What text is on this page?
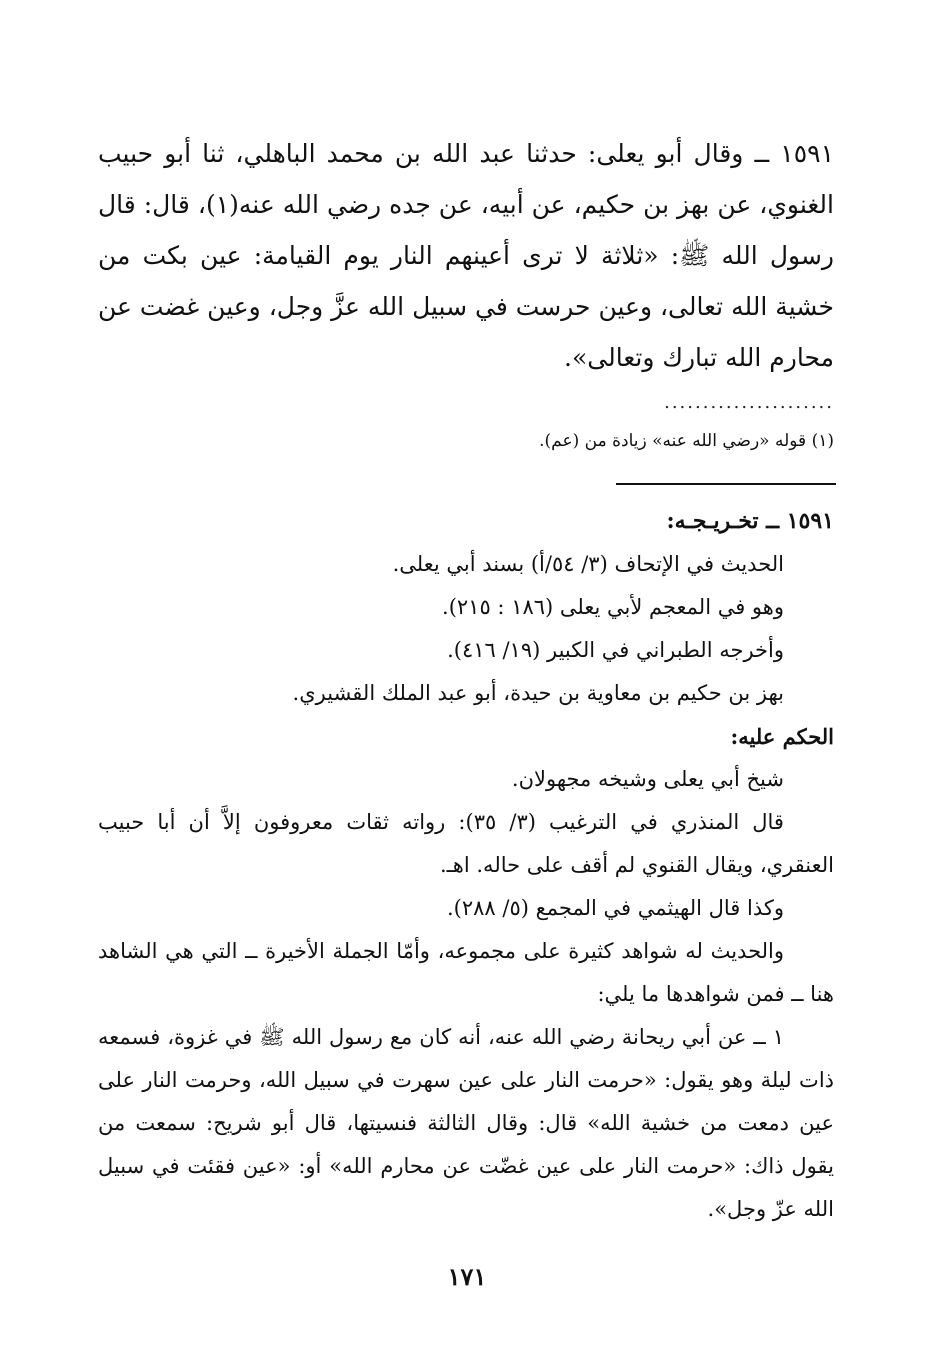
١٥٩١ ــ وقال أبو يعلى: حدثنا عبد الله بن محمد الباهلي، ثنا أبو حبيب الغنوي، عن بهز بن حكيم، عن أبيه، عن جده رضي الله عنه(١)، قال: قال رسول الله ﷺ: «ثلاثة لا ترى أعينهم النار يوم القيامة: عين بكت من خشية الله تعالى، وعين حرست في سبيل الله عزَّ وجل، وعين غضت عن محارم الله تبارك وتعالى».

......................
(١) قوله «رضي الله عنه» زيادة من (عم).

١٥٩١ ــ تخـريـجـه:

الحديث في الإتحاف (٣/ ٥٤/أ) بسند أبي يعلى.

وهو في المعجم لأبي يعلى (١٨٦ : ٢١٥).

وأخرجه الطبراني في الكبير (١٩/ ٤١٦).

بهز بن حكيم بن معاوية بن حيدة، أبو عبد الملك القشيري.

الحكم عليه:

شيخ أبي يعلى وشيخه مجهولان.

قال المنذري في الترغيب (٣/ ٣٥): رواته ثقات معروفون إلاَّ أن أبا حبيب العنقري، ويقال القنوي لم أقف على حاله. اهـ.

وكذا قال الهيثمي في المجمع (٥/ ٢٨٨).

والحديث له شواهد كثيرة على مجموعه، وأمّا الجملة الأخيرة ــ التي هي الشاهد هنا ــ فمن شواهدها ما يلي:

١ ــ عن أبي ريحانة رضي الله عنه، أنه كان مع رسول الله ﷺ في غزوة، فسمعه ذات ليلة وهو يقول: «حرمت النار على عين سهرت في سبيل الله، وحرمت النار على عين دمعت من خشية الله» قال: وقال الثالثة فنسيتها، قال أبو شريح: سمعت من يقول ذاك: «حرمت النار على عين غضّت عن محارم الله» أو: «عين فقئت في سبيل الله عزّ وجل».

١٧١
